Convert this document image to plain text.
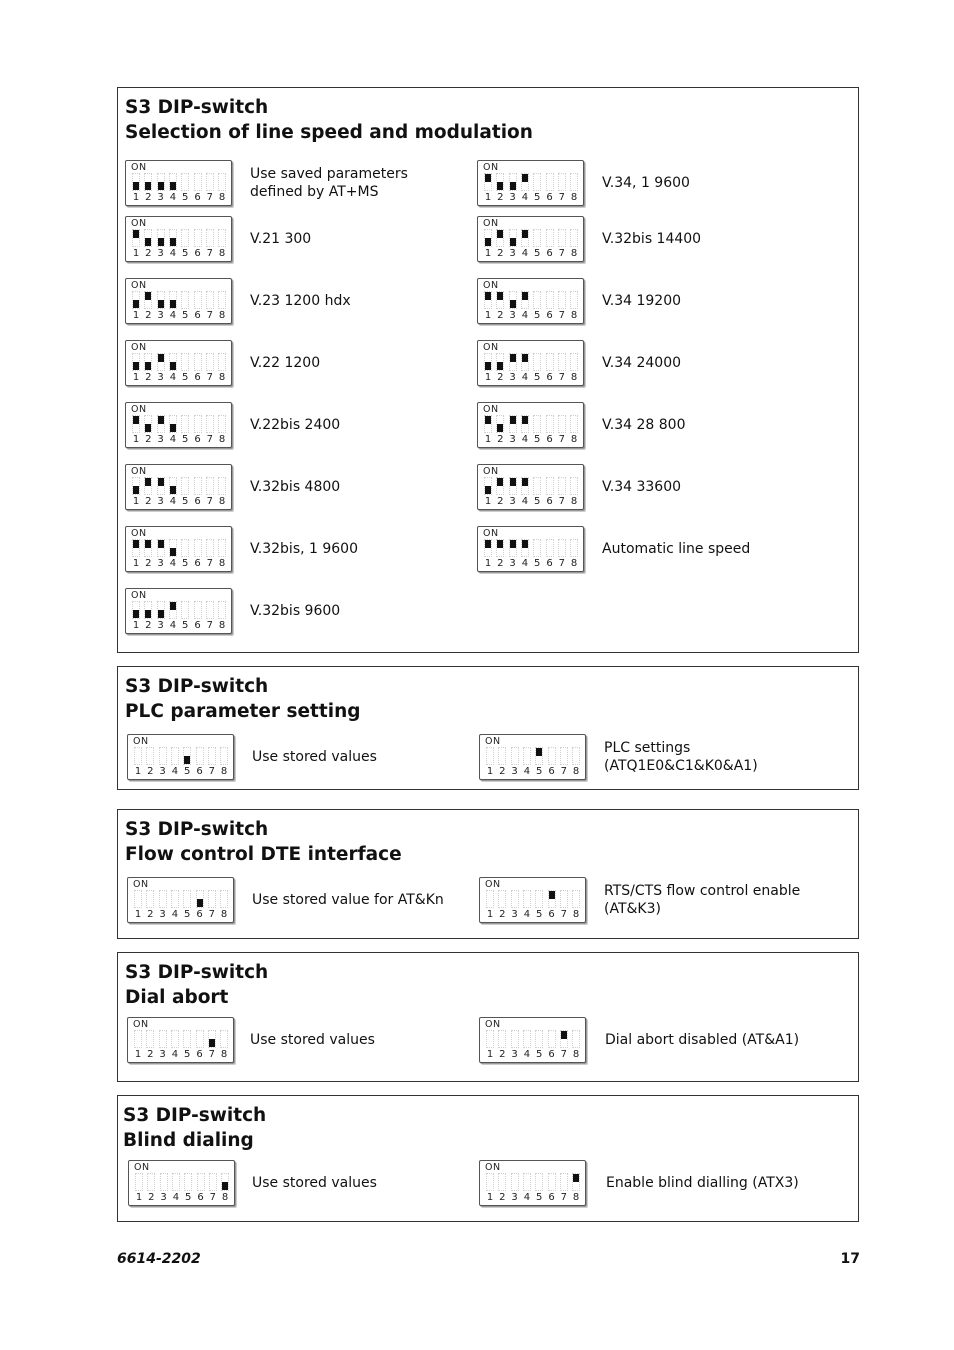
S3 DIP-switch
Selection of line speed and modulation
ON
1 2 3 4 5 6 7 8
Use saved parameters
defined by AT+MS
ON
1 2 3 4 5 6 7 8
V.21 300
ON
1 2 3 4 5 6 7 8
V.23 1200 hdx
ON
1 2 3 4 5 6 7 8
V.22 1200
ON
1 2 3 4 5 6 7 8
V.22bis 2400
ON
1 2 3 4 5 6 7 8
V.32bis 4800
ON
1 2 3 4 5 6 7 8
V.32bis, 1 9600
ON
1 2 3 4 5 6 7 8
V.32bis 9600
ON
1 2 3 4 5 6 7 8
V.34, 1 9600
ON
1 2 3 4 5 6 7 8
V.32bis 14400
ON
1 2 3 4 5 6 7 8
V.34 19200
ON
1 2 3 4 5 6 7 8
V.34 24000
ON
1 2 3 4 5 6 7 8
V.34 28 800
ON
1 2 3 4 5 6 7 8
V.34 33600
ON
1 2 3 4 5 6 7 8
Automatic line speed
S3 DIP-switch
PLC parameter setting
ON
1 2 3 4 5 6 7 8
Use stored values
ON
1 2 3 4 5 6 7 8
PLC settings
(ATQ1E0&C1&K0&A1)
S3 DIP-switch
Flow control DTE interface
ON
1 2 3 4 5 6 7 8
Use stored value for AT&Kn
ON
1 2 3 4 5 6 7 8
RTS/CTS flow control enable
(AT&K3)
S3 DIP-switch
Dial abort
ON
1 2 3 4 5 6 7 8
Use stored values
ON
1 2 3 4 5 6 7 8
Dial abort disabled (AT&A1)
S3 DIP-switch
Blind dialing
ON
1 2 3 4 5 6 7 8
Use stored values
ON
1 2 3 4 5 6 7 8
Enable blind dialling (ATX3)
6614-2202	17
